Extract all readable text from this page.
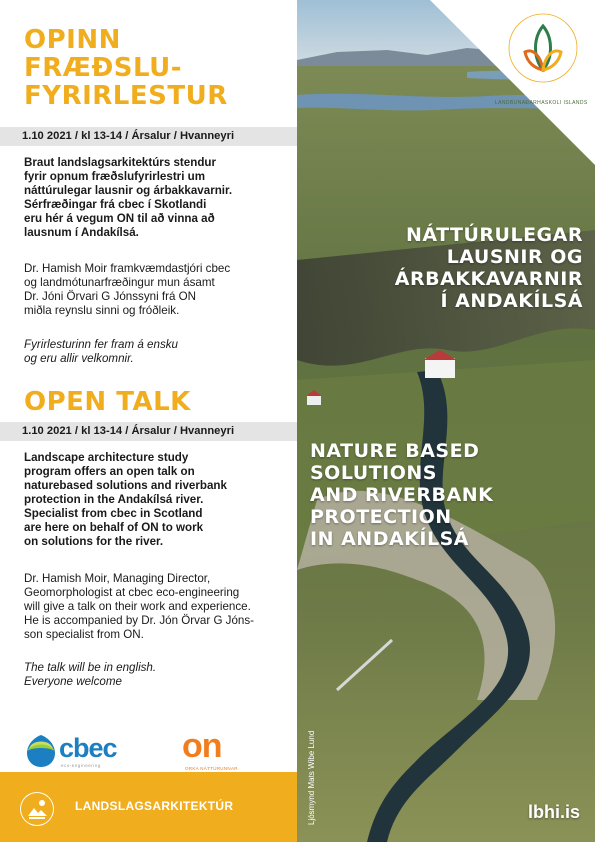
OPINN
FRÆÐSLU-
FYRIRLESTUR
1.10 2021 / kl 13-14 / Ársalur / Hvanneyri

Braut landslagsarkitektúrs stendur
fyrir opnum fræðslufyrirlestri um
náttúrulegar lausnir og árbakkavarnir.
Sérfræðingar frá cbec í Skotlandi
eru hér á vegum ON til að vinna að
lausnum í Andakílsá.

Dr. Hamish Moir framkvæmdastjóri cbec
og landmótunarfræðingur mun ásamt
Dr. Jóni Örvari G Jónssyni frá ON
miðla reynslu sinni og fróðleik.

Fyrirlesturinn fer fram á ensku
og eru allir velkomnir.

OPEN TALK
1.10 2021 / kl 13-14 / Ársalur / Hvanneyri

Landscape architecture study
program offers an open talk on
naturebased solutions and riverbank
protection in the Andakílsá river.
Specialist from cbec in Scotland
are here on behalf of ON to work
on solutions for the river.

Dr. Hamish Moir, Managing Director,
Geomorphologist at cbec eco-engineering
will give a talk on their work and experience.
He is accompanied by Dr. Jón Örvar G Jóns-
son specialist from ON.

The talk will be in english.
Everyone welcome

cbec
eco-engineering
on
ORKA NÁTTÚRUNNAR
LANDSLAGSARKITEKTÚR
LANDBÚNAÐARHÁSKÓLI ÍSLANDS
NÁTTÚRULEGAR
LAUSNIR OG
ÁRBAKKAVARNIR
Í ANDAKÍLSÁ
NATURE BASED
SOLUTIONS
AND RIVERBANK
PROTECTION
IN ANDAKÍLSÁ
Ljósmynd Mats Wibe Lund	lbhi.is
